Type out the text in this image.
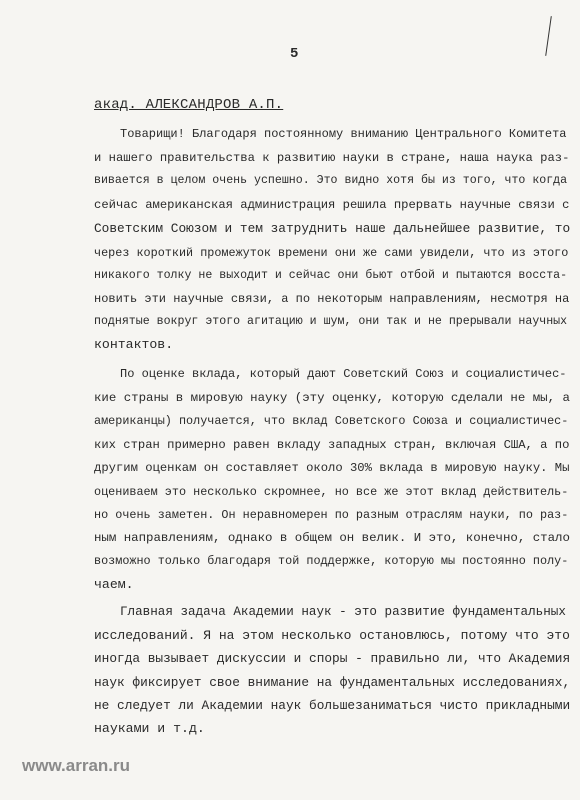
5
акад. АЛЕКСАНДРОВ А.П.
Товарищи! Благодаря постоянному вниманию Центрального Комитета
и нашего правительства к развитию науки в стране, наша наука раз-
вивается в целом очень успешно. Это видно хотя бы из того, что когда
сейчас американская администрация решила прервать научные связи с
Советским Союзом и тем затруднить наше дальнейшее развитие, то
через короткий промежуток времени они же сами увидели, что из этого
никакого толку не выходит и сейчас они бьют отбой и пытаются восста-
новить эти научные связи, а по некоторым направлениям, несмотря на
поднятые вокруг этого агитацию и шум, они так и не прерывали научных
контактов.
По оценке вклада, который дают Советский Союз и социалистичес-
кие страны в мировую науку (эту оценку, которую сделали не мы, а
американцы) получается, что вклад Советского Союза и социалистичес-
ких стран примерно равен вкладу западных стран, включая США, а по
другим оценкам он составляет около 30% вклада в мировую науку. Мы
оцениваем это несколько скромнее, но все же этот вклад действитель-
но очень заметен. Он неравномерен по разным отраслям науки, по раз-
ным направлениям, однако в общем он велик. И это, конечно, стало
возможно только благодаря той поддержке, которую мы постоянно полу-
чаем.
Главная задача Академии наук - это развитие фундаментальных
исследований. Я на этом несколько остановлюсь, потому что это
иногда вызывает дискуссии и споры - правильно ли, что Академия
наук фиксирует свое внимание на фундаментальных исследованиях,
не следует ли Академии наук большезаниматься чисто прикладными
науками и т.д.
www.arran.ru
